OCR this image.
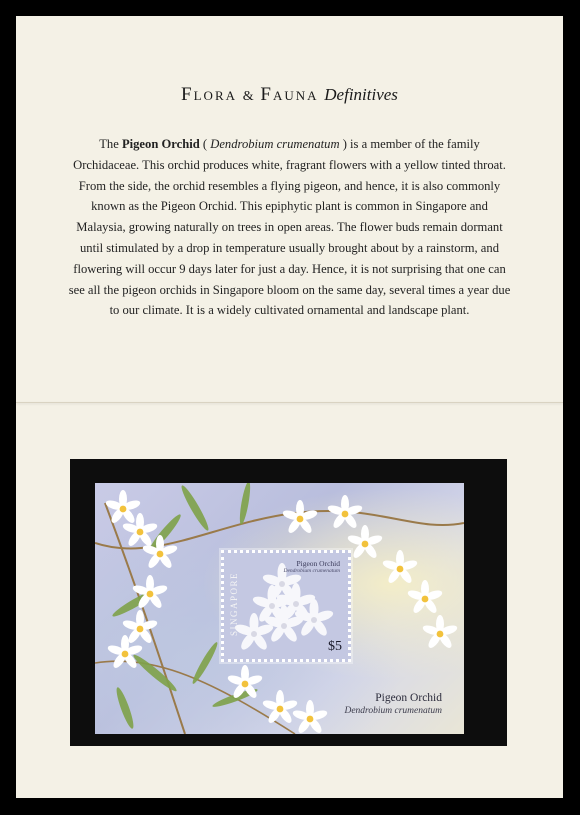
Flora & Fauna Definitives

The Pigeon Orchid ( Dendrobium crumenatum ) is a member of the family Orchidaceae. This orchid produces white, fragrant flowers with a yellow tinted throat. From the side, the orchid resembles a flying pigeon, and hence, it is also commonly known as the Pigeon Orchid. This epiphytic plant is common in Singapore and Malaysia, growing naturally on trees in open areas. The flower buds remain dormant until stimulated by a drop in temperature usually brought about by a rainstorm, and flowering will occur 9 days later for just a day. Hence, it is not surprising that one can see all the pigeon orchids in Singapore bloom on the same day, several times a year due to our climate. It is a widely cultivated ornamental and landscape plant.

SINGAPORE
Pigeon Orchid
Dendrobium crumenatum
$5
Pigeon Orchid
Dendrobium crumenatum
